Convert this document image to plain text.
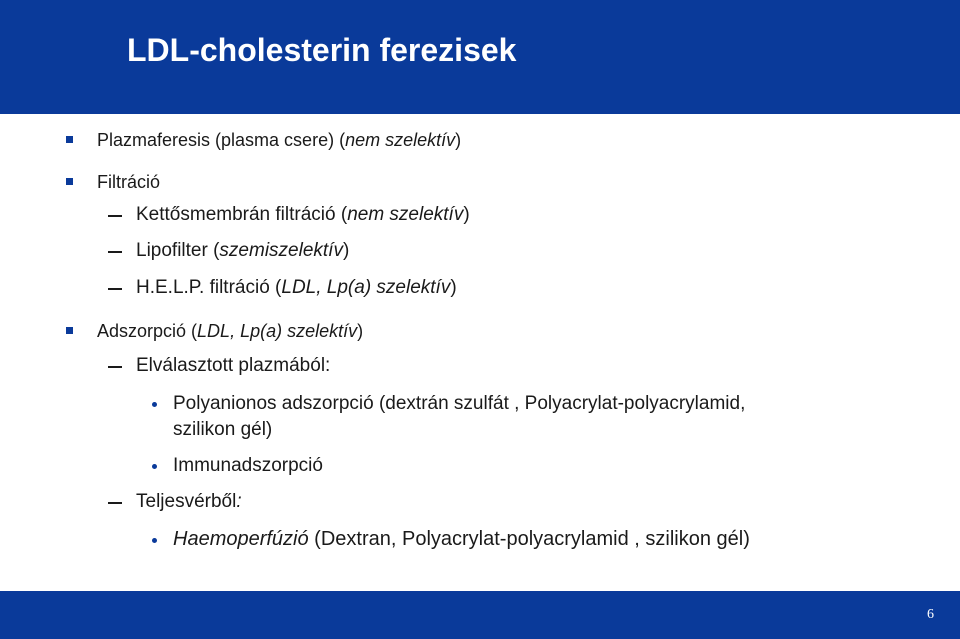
LDL-cholesterin ferezisek
Plazmaferesis (plasma csere) (nem szelektív)
Filtráció
Kettősmembrán filtráció (nem szelektív)
Lipofilter (szemiszelektív)
H.E.L.P. filtráció (LDL, Lp(a) szelektív)
Adszorpció (LDL, Lp(a) szelektív)
Elválasztott plazmából:
Polyanionos adszorpció (dextrán szulfát , Polyacrylat-polyacrylamid,
szilikon gél)
Immunadszorpció
Teljesvérből:
Haemoperfúzió (Dextran, Polyacrylat-polyacrylamid , szilikon gél)
6
